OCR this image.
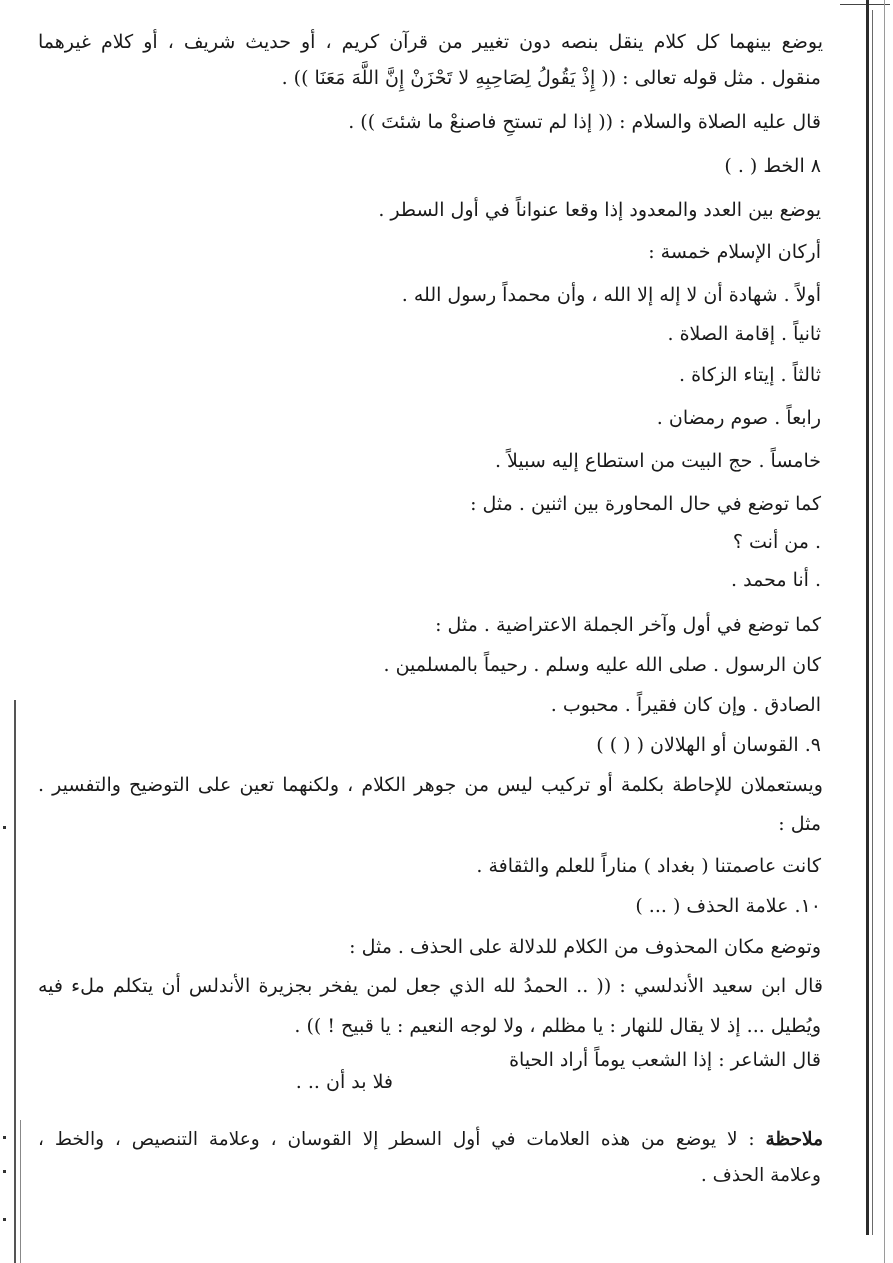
يوضع بينهما كل كلام ينقل بنصه دون تغيير من قرآن كريم ، أو حديث شريف ، أو كلام غيرهما
منقول . مثل قوله تعالى : (( إِذْ يَقُولُ لِصَاحِبِهِ لا تَحْزَنْ إِنَّ اللَّهَ مَعَنَا )) .
قال عليه الصلاة والسلام : (( إذا لم تستحِ فاصنعْ ما شئتَ )) .
٨ الخط ( . )
يوضع بين العدد والمعدود إذا وقعا عنواناً في أول السطر .
أركان الإسلام خمسة :
أولاً . شهادة أن لا إله إلا الله ، وأن محمداً رسول الله .
ثانياً . إقامة الصلاة .
ثالثاً . إيتاء الزكاة .
رابعاً . صوم رمضان .
خامساً . حج البيت من استطاع إليه سبيلاً .
كما توضع في حال المحاورة بين اثنين . مثل :
. من أنت ؟
. أنا محمد .
كما توضع في أول وآخر الجملة الاعتراضية . مثل :
كان الرسول . صلى الله عليه وسلم . رحيماً بالمسلمين .
الصادق . وإن كان فقيراً . محبوب .
٩. القوسان أو الهلالان ( ( ) )
ويستعملان للإحاطة بكلمة أو تركيب ليس من جوهر الكلام ، ولكنهما تعين على التوضيح والتفسير .
مثل :
كانت عاصمتنا ( بغداد ) مناراً للعلم والثقافة .
١٠. علامة الحذف ( ... )
وتوضع مكان المحذوف من الكلام للدلالة على الحذف . مثل :
قال ابن سعيد الأندلسي : (( .. الحمدُ لله الذي جعل لمن يفخر بجزيرة الأندلس أن يتكلم ملء فيه
ويُطيل ... إذ لا يقال للنهار : يا مظلم ، ولا لوجه النعيم : يا قبيح ! )) .
قال الشاعر : إذا الشعب يوماً أراد الحياة
فلا بد أن .. .
ملاحظة : لا يوضع من هذه العلامات في أول السطر إلا القوسان ، وعلامة التنصيص ، والخط ،
وعلامة الحذف .
